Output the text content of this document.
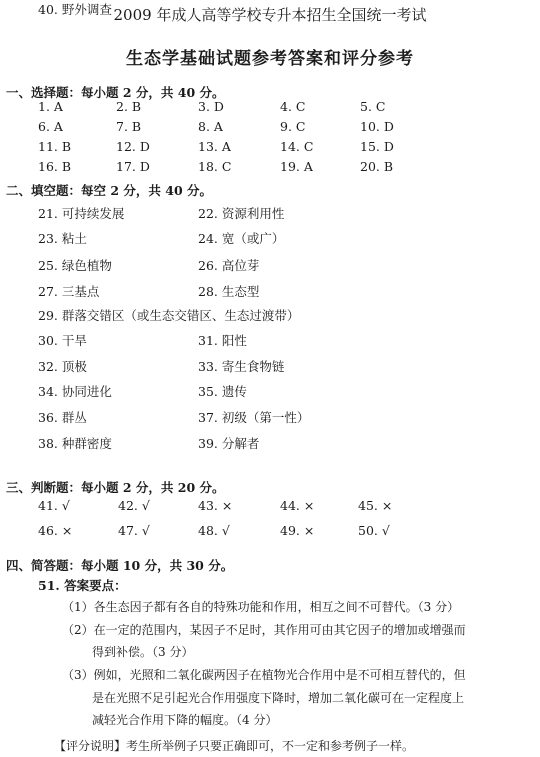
2009 年成人高等学校专升本招生全国统一考试
生态学基础试题参考答案和评分参考
一、选择题：每小题 2 分，共 40 分。
1. A	2. B	3. D	4. C	5. C
6. A	7. B	8. A	9. C	10. D
11. B	12. D	13. A	14. C	15. D
16. B	17. D	18. C	19. A	20. B
二、填空题：每空 2 分，共 40 分。
21. 可持续发展	22. 资源利用性
23. 粘土	24. 宽（或广）
25. 绿色植物	26. 高位芽
27. 三基点	28. 生态型
29. 群落交错区（或生态交错区、生态过渡带）
30. 干旱	31. 阳性
32. 顶极	33. 寄生食物链
34. 协同进化	35. 遗传
36. 群丛	37. 初级（第一性）
38. 种群密度	39. 分解者
40. 野外调查
三、判断题：每小题 2 分，共 20 分。
41. √	42. √	43. ×	44. ×	45. ×
46. ×	47. √	48. √	49. ×	50. √
四、简答题：每小题 10 分，共 30 分。
51. 答案要点：
（1）各生态因子都有各自的特殊功能和作用，相互之间不可替代。（3 分）
（2）在一定的范围内，某因子不足时，其作用可由其它因子的增加或增强而
得到补偿。（3 分）
（3）例如，光照和二氧化碳两因子在植物光合作用中是不可相互替代的，但
是在光照不足引起光合作用强度下降时，增加二氧化碳可在一定程度上
减轻光合作用下降的幅度。（4 分）
【评分说明】考生所举例子只要正确即可，不一定和参考例子一样。
